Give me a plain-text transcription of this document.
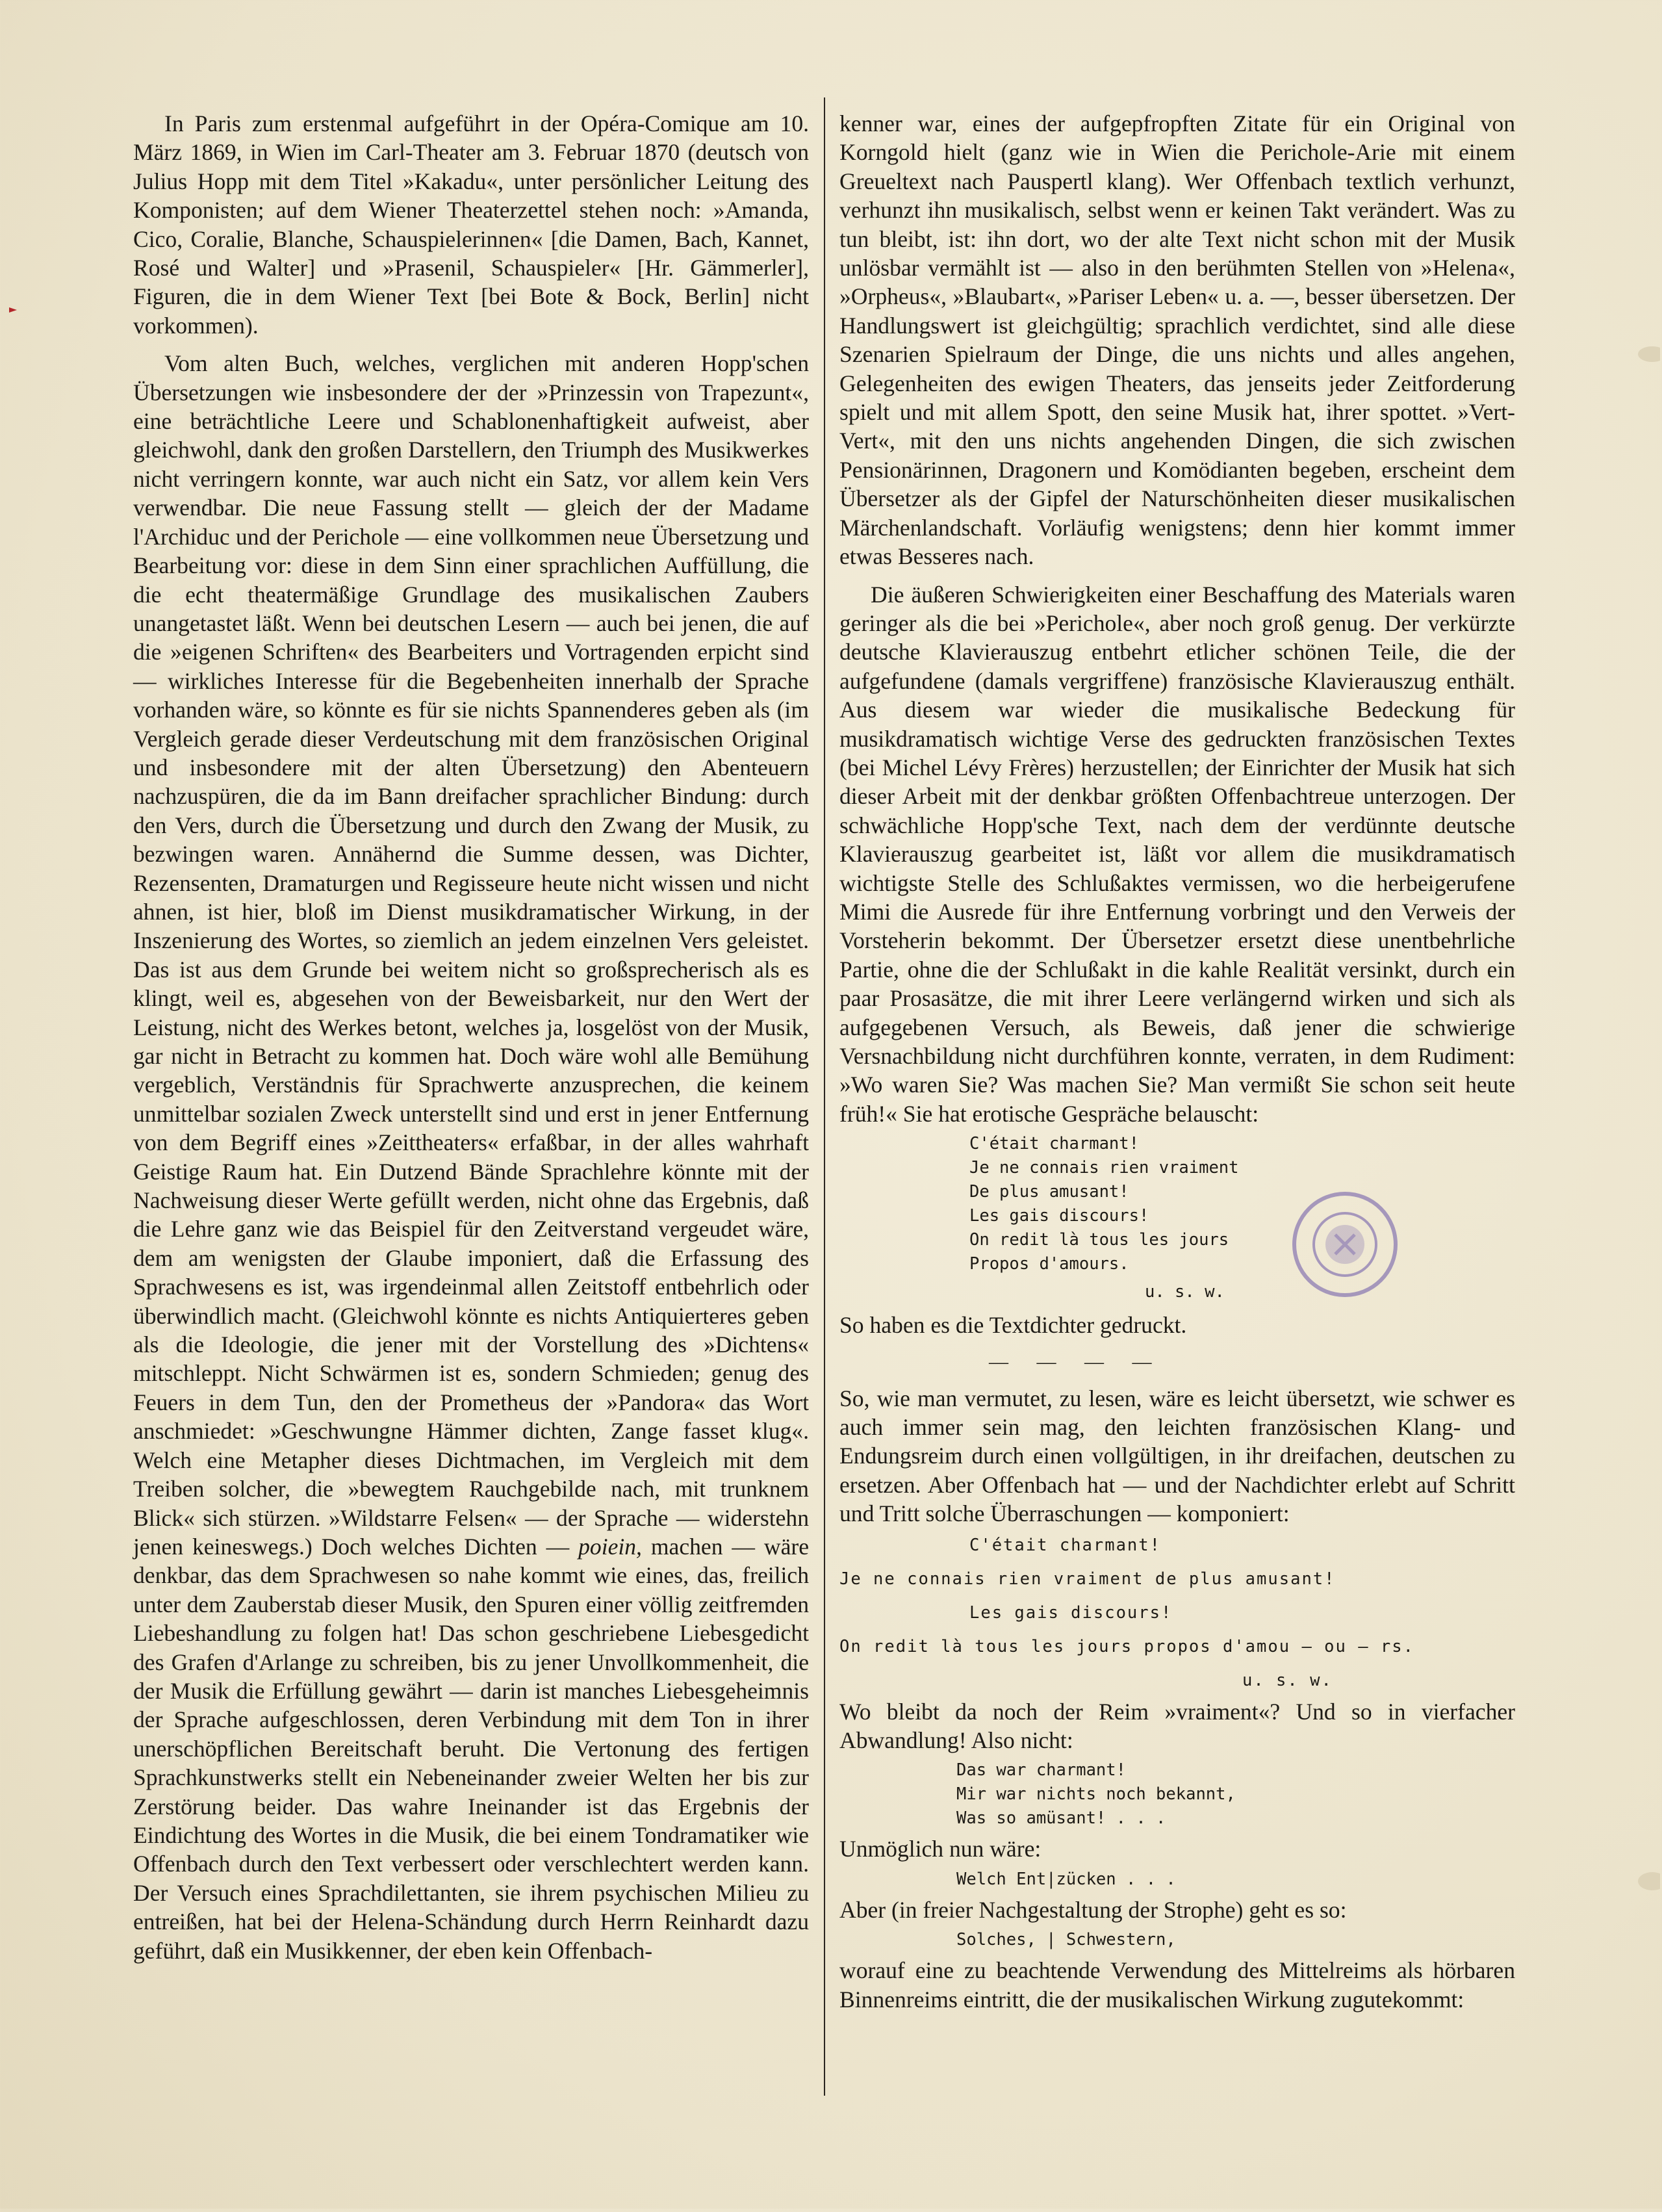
In Paris zum erstenmal aufgeführt in der Opéra-Comique am 10. März 1869, in Wien im Carl-Theater am 3. Februar 1870 (deutsch von Julius Hopp mit dem Titel »Kakadu«, unter persönlicher Leitung des Komponisten; auf dem Wiener Theaterzettel stehen noch: »Amanda, Cico, Coralie, Blanche, Schauspielerinnen« [die Damen, Bach, Kannet, Rosé und Walter] und »Prasenil, Schauspieler« [Hr. Gämmerler], Figuren, die in dem Wiener Text [bei Bote & Bock, Berlin] nicht vorkommen).

Vom alten Buch, welches, verglichen mit anderen Hopp'schen Übersetzungen wie insbesondere der der »Prinzessin von Trapezunt«, eine beträchtliche Leere und Schablonenhaftigkeit aufweist, aber gleichwohl, dank den großen Darstellern, den Triumph des Musikwerkes nicht verringern konnte, war auch nicht ein Satz, vor allem kein Vers verwendbar. Die neue Fassung stellt — gleich der der Madame l'Archiduc und der Perichole — eine vollkommen neue Übersetzung und Bearbeitung vor: diese in dem Sinn einer sprachlichen Auffüllung, die die echt theatermäßige Grundlage des musikalischen Zaubers unangetastet läßt. Wenn bei deutschen Lesern — auch bei jenen, die auf die »eigenen Schriften« des Bearbeiters und Vortragenden erpicht sind — wirkliches Interesse für die Begebenheiten innerhalb der Sprache vorhanden wäre, so könnte es für sie nichts Spannenderes geben als (im Vergleich gerade dieser Verdeutschung mit dem französischen Original und insbesondere mit der alten Übersetzung) den Abenteuern nachzuspüren, die da im Bann dreifacher sprachlicher Bindung: durch den Vers, durch die Übersetzung und durch den Zwang der Musik, zu bezwingen waren. Annähernd die Summe dessen, was Dichter, Rezensenten, Dramaturgen und Regisseure heute nicht wissen und nicht ahnen, ist hier, bloß im Dienst musikdramatischer Wirkung, in der Inszenierung des Wortes, so ziemlich an jedem einzelnen Vers geleistet. Das ist aus dem Grunde bei weitem nicht so großsprecherisch als es klingt, weil es, abgesehen von der Beweisbarkeit, nur den Wert der Leistung, nicht des Werkes betont, welches ja, losgelöst von der Musik, gar nicht in Betracht zu kommen hat. Doch wäre wohl alle Bemühung vergeblich, Verständnis für Sprachwerte anzusprechen, die keinem unmittelbar sozialen Zweck unterstellt sind und erst in jener Entfernung von dem Begriff eines »Zeittheaters« erfaßbar, in der alles wahrhaft Geistige Raum hat. Ein Dutzend Bände Sprachlehre könnte mit der Nachweisung dieser Werte gefüllt werden, nicht ohne das Ergebnis, daß die Lehre ganz wie das Beispiel für den Zeitverstand vergeudet wäre, dem am wenigsten der Glaube imponiert, daß die Erfassung des Sprachwesens es ist, was irgendeinmal allen Zeitstoff entbehrlich oder überwindlich macht. (Gleichwohl könnte es nichts Antiquierteres geben als die Ideologie, die jener mit der Vorstellung des »Dichtens« mitschleppt. Nicht Schwärmen ist es, sondern Schmieden; genug des Feuers in dem Tun, den der Prometheus der »Pandora« das Wort anschmiedet: »Geschwungne Hämmer dichten, Zange fasset klug«. Welch eine Metapher dieses Dichtmachen, im Vergleich mit dem Treiben solcher, die »bewegtem Rauchgebilde nach, mit trunknem Blick« sich stürzen. »Wildstarre Felsen« — der Sprache — widerstehn jenen keineswegs.) Doch welches Dichten — poiein, machen — wäre denkbar, das dem Sprachwesen so nahe kommt wie eines, das, freilich unter dem Zauberstab dieser Musik, den Spuren einer völlig zeitfremden Liebeshandlung zu folgen hat! Das schon geschriebene Liebesgedicht des Grafen d'Arlange zu schreiben, bis zu jener Unvollkommenheit, die der Musik die Erfüllung gewährt — darin ist manches Liebesgeheimnis der Sprache aufgeschlossen, deren Verbindung mit dem Ton in ihrer unerschöpflichen Bereitschaft beruht. Die Vertonung des fertigen Sprachkunstwerks stellt ein Nebeneinander zweier Welten her bis zur Zerstörung beider. Das wahre Ineinander ist das Ergebnis der Eindichtung des Wortes in die Musik, die bei einem Tondramatiker wie Offenbach durch den Text verbessert oder verschlechtert werden kann. Der Versuch eines Sprachdilettanten, sie ihrem psychischen Milieu zu entreißen, hat bei der Helena-Schändung durch Herrn Reinhardt dazu geführt, daß ein Musikkenner, der eben kein Offenbach-

kenner war, eines der aufgepfropften Zitate für ein Original von Korngold hielt (ganz wie in Wien die Perichole-Arie mit einem Greueltext nach Pauspertl klang). Wer Offenbach textlich verhunzt, verhunzt ihn musikalisch, selbst wenn er keinen Takt verändert. Was zu tun bleibt, ist: ihn dort, wo der alte Text nicht schon mit der Musik unlösbar vermählt ist — also in den berühmten Stellen von »Helena«, »Orpheus«, »Blaubart«, »Pariser Leben« u. a. —, besser übersetzen. Der Handlungswert ist gleichgültig; sprachlich verdichtet, sind alle diese Szenarien Spielraum der Dinge, die uns nichts und alles angehen, Gelegenheiten des ewigen Theaters, das jenseits jeder Zeitforderung spielt und mit allem Spott, den seine Musik hat, ihrer spottet. »Vert-Vert«, mit den uns nichts angehenden Dingen, die sich zwischen Pensionärinnen, Dragonern und Komödianten begeben, erscheint dem Übersetzer als der Gipfel der Naturschönheiten dieser musikalischen Märchenlandschaft. Vorläufig wenigstens; denn hier kommt immer etwas Besseres nach.

Die äußeren Schwierigkeiten einer Beschaffung des Materials waren geringer als die bei »Perichole«, aber noch groß genug. Der verkürzte deutsche Klavierauszug entbehrt etlicher schönen Teile, die der aufgefundene (damals vergriffene) französische Klavierauszug enthält. Aus diesem war wieder die musikalische Bedeckung für musikdramatisch wichtige Verse des gedruckten französischen Textes (bei Michel Lévy Frères) herzustellen; der Einrichter der Musik hat sich dieser Arbeit mit der denkbar größten Offenbachtreue unterzogen. Der schwächliche Hopp'sche Text, nach dem der verdünnte deutsche Klavierauszug gearbeitet ist, läßt vor allem die musikdramatisch wichtigste Stelle des Schlußaktes vermissen, wo die herbeigerufene Mimi die Ausrede für ihre Entfernung vorbringt und den Verweis der Vorsteherin bekommt. Der Übersetzer ersetzt diese unentbehrliche Partie, ohne die der Schlußakt in die kahle Realität versinkt, durch ein paar Prosasätze, die mit ihrer Leere verlängernd wirken und sich als aufgegebenen Versuch, als Beweis, daß jener die schwierige Versnachbildung nicht durchführen konnte, verraten, in dem Rudiment: »Wo waren Sie? Was machen Sie? Man vermißt Sie schon seit heute früh!« Sie hat erotische Gespräche belauscht:

C'était charmant!
Je ne connais rien vraiment
De plus amusant!
Les gais discours!
On redit là tous les jours
Propos d'amours.
u. s. w.

So haben es die Textdichter gedruckt.

— — — —

So, wie man vermutet, zu lesen, wäre es leicht übersetzt, wie schwer es auch immer sein mag, den leichten französischen Klang- und Endungsreim durch einen vollgültigen, in ihr dreifachen, deutschen zu ersetzen. Aber Offenbach hat — und der Nachdichter erlebt auf Schritt und Tritt solche Überraschungen — komponiert:

C'était charmant!
Je ne connais rien vraiment de plus amusant!
Les gais discours!
On redit là tous les jours propos d'amou — ou — rs.
u. s. w.

Wo bleibt da noch der Reim »vraiment«? Und so in vierfacher Abwandlung! Also nicht:

Das war charmant!
Mir war nichts noch bekannt,
Was so amüsant! . . .

Unmöglich nun wäre:

Welch Ent|zücken . . .

Aber (in freier Nachgestaltung der Strophe) geht es so:

Solches, | Schwestern,

worauf eine zu beachtende Verwendung des Mittelreims als hörbaren Binnenreims eintritt, die der musikalischen Wirkung zugutekommt:
